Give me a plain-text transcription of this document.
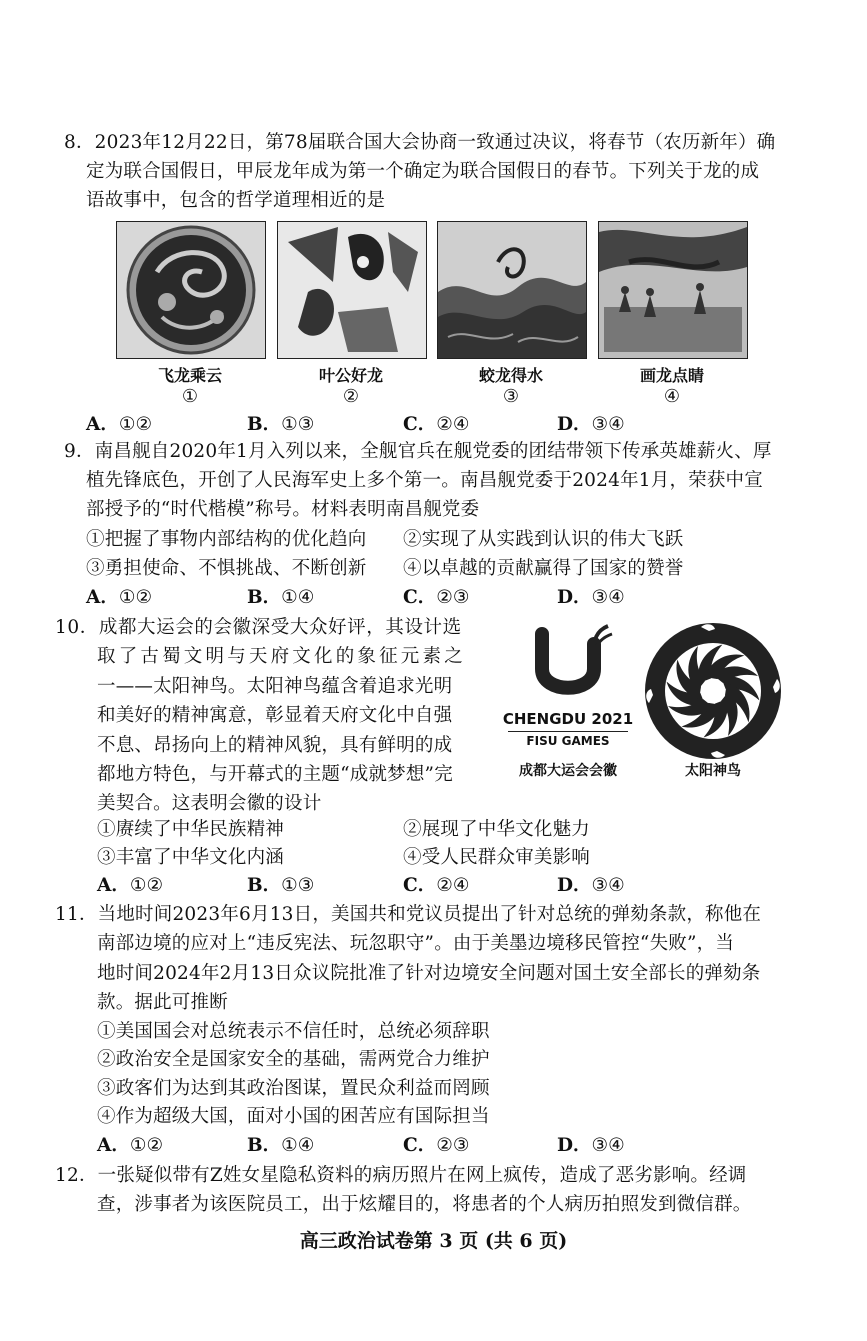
8．2023年12月22日，第78届联合国大会协商一致通过决议，将春节（农历新年）确
定为联合国假日，甲辰龙年成为第一个确定为联合国假日的春节。下列关于龙的成
语故事中，包含的哲学道理相近的是
飞龙乘云	叶公好龙	蛟龙得水	画龙点睛
①	②	③	④
A．①②	B．①③	C．②④	D．③④
9．南昌舰自2020年1月入列以来，全舰官兵在舰党委的团结带领下传承英雄薪火、厚
植先锋底色，开创了人民海军史上多个第一。南昌舰党委于2024年1月，荣获中宣
部授予的“时代楷模”称号。材料表明南昌舰党委
①把握了事物内部结构的优化趋向 ②实现了从实践到认识的伟大飞跃
③勇担使命、不惧挑战、不断创新 ④以卓越的贡献赢得了国家的赞誉
A．①②	B．①④	C．②③	D．③④
10．成都大运会的会徽深受大众好评，其设计选
取了古蜀文明与天府文化的象征元素之
一——太阳神鸟。太阳神鸟蕴含着追求光明
和美好的精神寓意，彰显着天府文化中自强
不息、昂扬向上的精神风貌，具有鲜明的成
都地方特色，与开幕式的主题“成就梦想”完
美契合。这表明会徽的设计
CHENGDU 2021
FISU GAMES
成都大运会会徽	太阳神鸟
①赓续了中华民族精神	②展现了中华文化魅力
③丰富了中华文化内涵	④受人民群众审美影响
A．①②	B．①③	C．②④	D．③④
11．当地时间2023年6月13日，美国共和党议员提出了针对总统的弹劾条款，称他在
南部边境的应对上“违反宪法、玩忽职守”。由于美墨边境移民管控“失败”，当
地时间2024年2月13日众议院批准了针对边境安全问题对国土安全部长的弹劾条
款。据此可推断
①美国国会对总统表示不信任时，总统必须辞职
②政治安全是国家安全的基础，需两党合力维护
③政客们为达到其政治图谋，置民众利益而罔顾
④作为超级大国，面对小国的困苦应有国际担当
A．①②	B．①④	C．②③	D．③④
12．一张疑似带有Z姓女星隐私资料的病历照片在网上疯传，造成了恶劣影响。经调
查，涉事者为该医院员工，出于炫耀目的，将患者的个人病历拍照发到微信群。
高三政治试卷第 3 页 (共 6 页)
